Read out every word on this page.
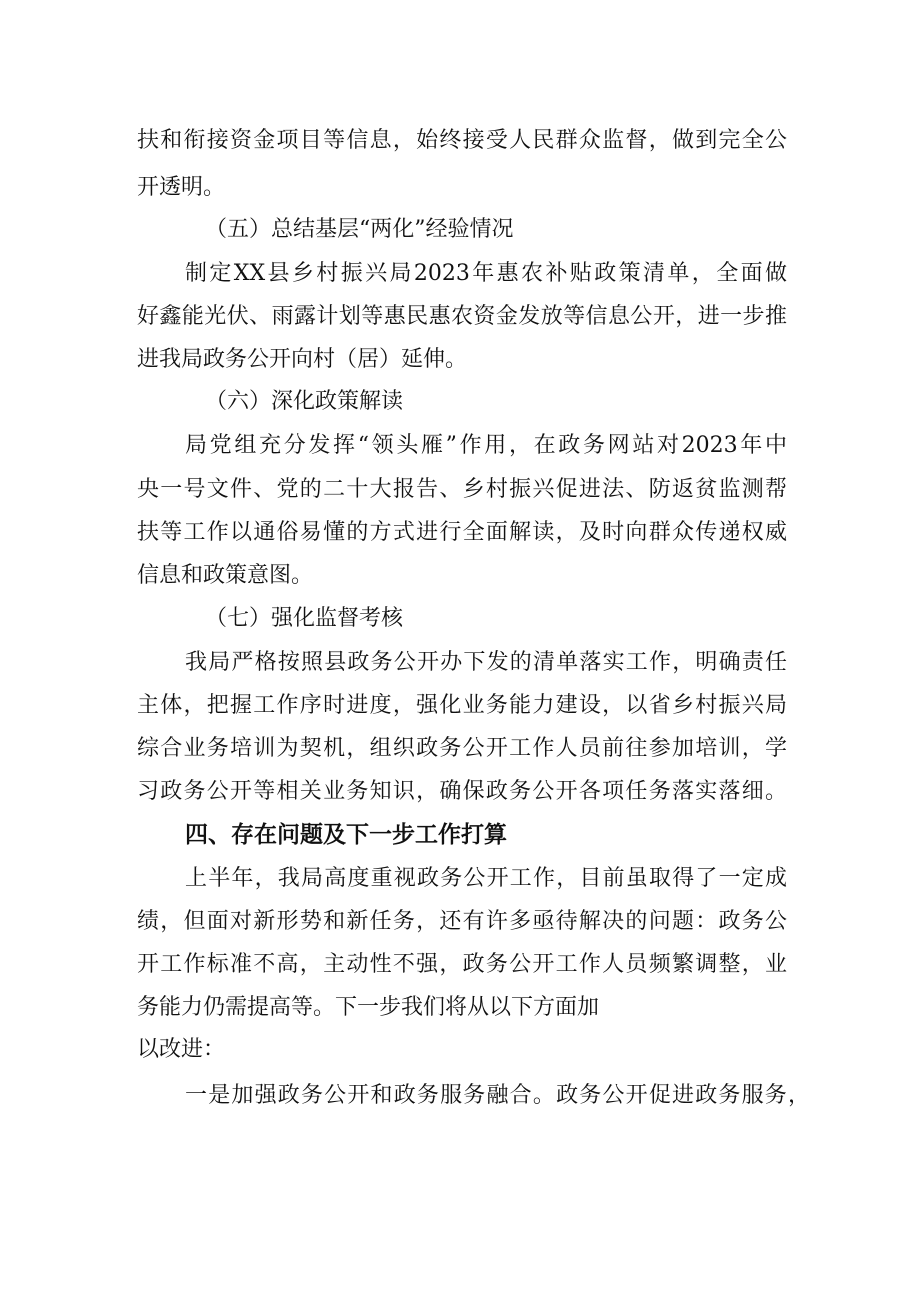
扶和衔接资金项目等信息，始终接受人民群众监督，做到完全公
开透明。
（五）总结基层“两化”经验情况
制定XX县乡村振兴局2023年惠农补贴政策清单，全面做
好鑫能光伏、雨露计划等惠民惠农资金发放等信息公开，进一步推
进我局政务公开向村（居）延伸。
（六）深化政策解读
局党组充分发挥“领头雁”作用，在政务网站对2023年中
央一号文件、党的二十大报告、乡村振兴促进法、防返贫监测帮
扶等工作以通俗易懂的方式进行全面解读，及时向群众传递权威
信息和政策意图。
（七）强化监督考核
我局严格按照县政务公开办下发的清单落实工作，明确责任
主体，把握工作序时进度，强化业务能力建设，以省乡村振兴局
综合业务培训为契机，组织政务公开工作人员前往参加培训，学
习政务公开等相关业务知识，确保政务公开各项任务落实落细。
四、存在问题及下一步工作打算
上半年，我局高度重视政务公开工作，目前虽取得了一定成
绩，但面对新形势和新任务，还有许多亟待解决的问题：政务公
开工作标准不高，主动性不强，政务公开工作人员频繁调整，业
务能力仍需提高等。下一步我们将从以下方面加
以改进：
一是加强政务公开和政务服务融合。政务公开促进政务服务，
